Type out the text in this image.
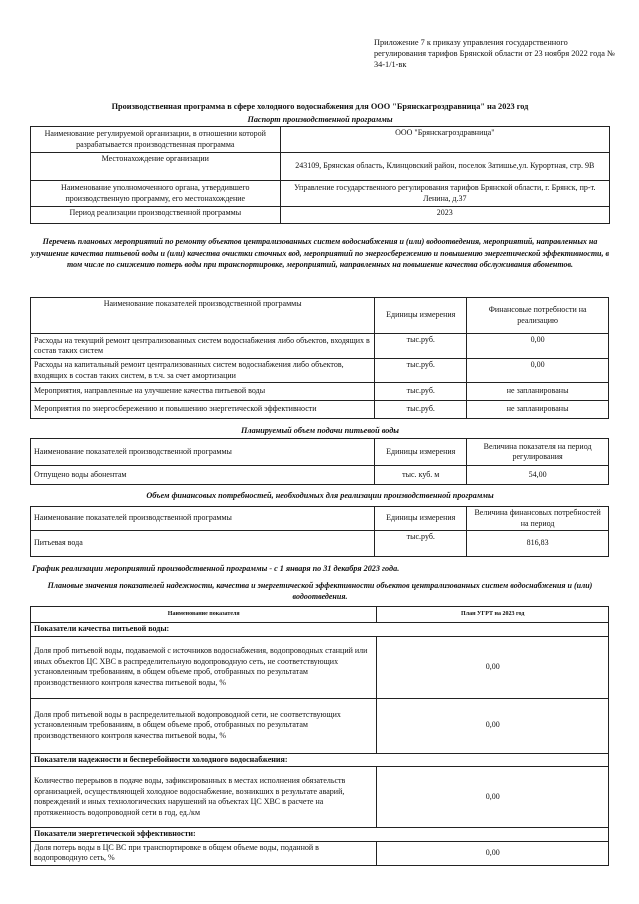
Приложение 7 к приказу управления государственного регулирования тарифов Брянской области от 23 ноября 2022 года № 34-1/1-вк
Производственная программа в сфере холодного водоснабжения для ООО "Брянскагроздравница" на 2023 год
Паспорт производственной программы
Наименование регулируемой организации, в отношении которой разрабатывается производственная программа	ООО "Брянскагроздравница"
Местонахождение организации	243109, Брянская область, Клинцовский район, поселок Затишье,ул. Курортная, стр. 9В
Наименование уполномоченного органа, утвердившего производственную программу, его местонахождение	Управление государственного регулирования тарифов Брянской области, г. Брянск, пр-т. Ленина, д.37
Период реализации производственной программы	2023
Перечень плановых мероприятий по ремонту объектов централизованных систем водоснабжения и (или) водоотведения, мероприятий, направленных на улучшение качества питьевой воды и (или) качества очистки сточных вод, мероприятий по энергосбережению и повышению энергетической эффективности, в том числе по снижению потерь воды при транспортировке, мероприятий, направленных на повышение качества обслуживания абонентов.
Наименование показателей производственной программы	Единицы измерения	Финансовые потребности на реализацию
Расходы на текущий ремонт централизованных систем водоснабжения либо объектов, входящих в состав таких систем	тыс.руб.	0,00
Расходы на капитальный ремонт централизованных систем водоснабжения либо объектов, входящих в состав таких систем, в т.ч. за счет амортизации	тыс.руб.	0,00
Мероприятия, направленные на улучшение качества питьевой воды	тыс.руб.	не запланированы
Мероприятия по энергосбережению и повышению энергетической эффективности	тыс.руб.	не запланированы
Планируемый объем подачи питьевой воды
Наименование показателей производственной программы	Единицы измерения	Величина показателя на период регулирования
Отпущено воды абонентам	тыс. куб. м	54,00
Объем финансовых потребностей, необходимых для реализации производственной программы
Наименование показателей производственной программы	Единицы измерения	Величина финансовых потребностей на период
Питьевая вода	тыс.руб.	816,83
График реализации мероприятий производственной программы - с 1 января по 31 декабря 2023 года.
Плановые значения показателей надежности, качества и энергетической эффективности объектов централизованных систем водоснабжения и (или) водоотведения.
Наименование показателя	План УГРТ на 2023 год
Показатели качества питьевой воды:	
Доля проб питьевой воды, подаваемой с источников водоснабжения, водопроводных станций или иных объектов ЦС ХВС в распределительную водопроводную сеть, не соответствующих установленным требованиям, в общем объеме проб, отобранных по результатам производственного контроля качества питьевой воды, %	0,00
Доля проб питьевой воды в распределительной водопроводной сети, не соответствующих установленным требованиям, в общем объеме проб, отобранных по результатам производственного контроля качества питьевой воды, %	0,00
Показатели надежности и бесперебойности холодного водоснабжения:	
Количество перерывов в подаче воды, зафиксированных в местах исполнения обязательств организацией, осуществляющей холодное водоснабжение, возникших в результате аварий, повреждений и иных технологических нарушений на объектах ЦС ХВС в расчете на протяженность водопроводной сети в год, ед./км	0,00
Показатели энергетической эффективности:	
Доля потерь воды в ЦС ВС при транспортировке в общем объеме воды, поданной в водопроводную сеть, %	0,00
